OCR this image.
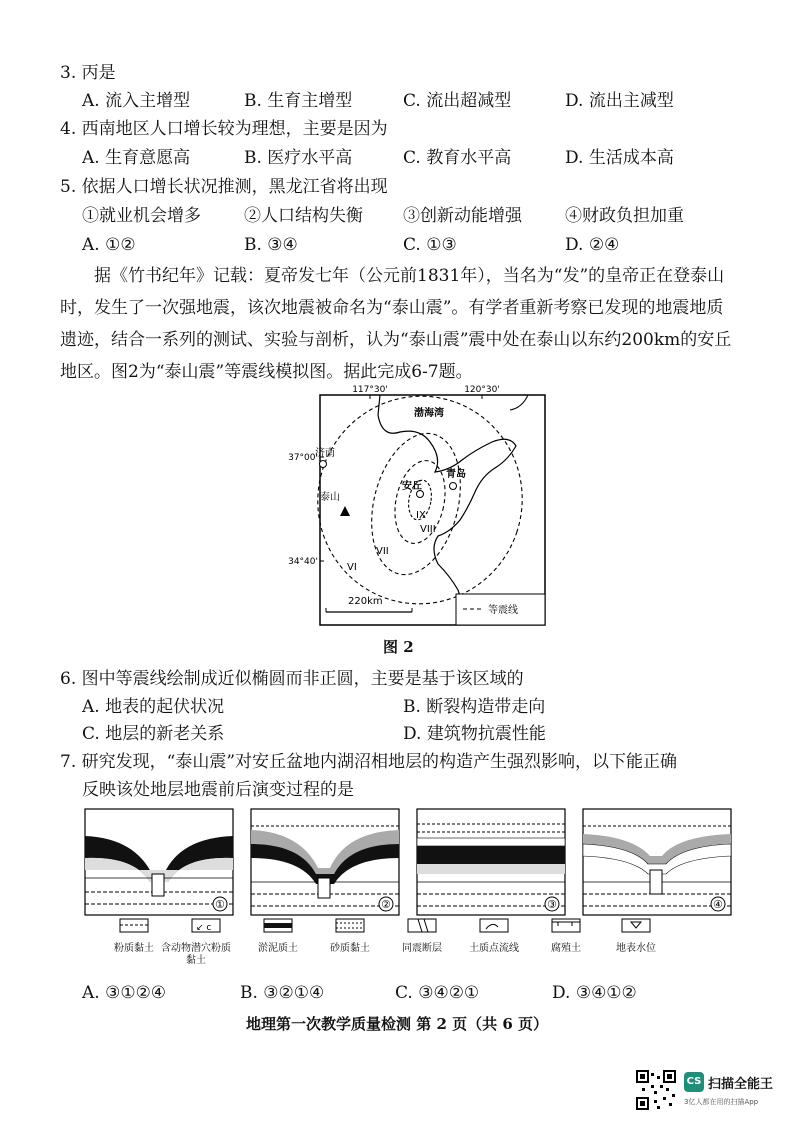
3. 丙是
A. 流入主增型	B. 生育主增型	C. 流出超减型	D. 流出主减型
4. 西南地区人口增长较为理想，主要是因为
A. 生育意愿高	B. 医疗水平高	C. 教育水平高	D. 生活成本高
5. 依据人口增长状况推测，黑龙江省将出现
①就业机会增多	②人口结构失衡 ③创新动能增强	④财政负担加重
A. ①②	B. ③④	C. ①③	D. ②④
据《竹书纪年》记载：夏帝发七年（公元前1831年），当名为“发”的皇帝正在登泰山时，发生了一次强地震，该次地震被命名为“泰山震”。有学者重新考察已发现的地震地质遗迹，结合一系列的测试、实验与剖析，认为“泰山震”震中处在泰山以东约200km的安丘地区。图2为“泰山震”等震线模拟图。据此完成6-7题。
117°30'	120°30'
37°00'
34°40'
渤海湾
济南
泰山
安丘
青岛
VI
VII
VIII
IX
220km
等震线
图 2
6. 图中等震线绘制成近似椭圆而非正圆，主要是基于该区域的
A. 地表的起伏状况	B. 断裂构造带走向
C. 地层的新老关系	D. 建筑物抗震性能
7. 研究发现，“泰山震”对安丘盆地内湖沼相地层的构造产生强烈影响，以下能正确
反映该处地层地震前后演变过程的是
①	②	③	④
↙ c
粉质黏土 含动物潜穴粉质黏土
淤泥质土	砂质黏土	同震断层	土质点流线	腐殖土	地表水位
A. ③①②④	B. ③②①④	C. ③④②①	D. ③④①②
地理第一次教学质量检测 第 2 页（共 6 页）
CS 扫描全能王
3亿人都在用的扫描App
